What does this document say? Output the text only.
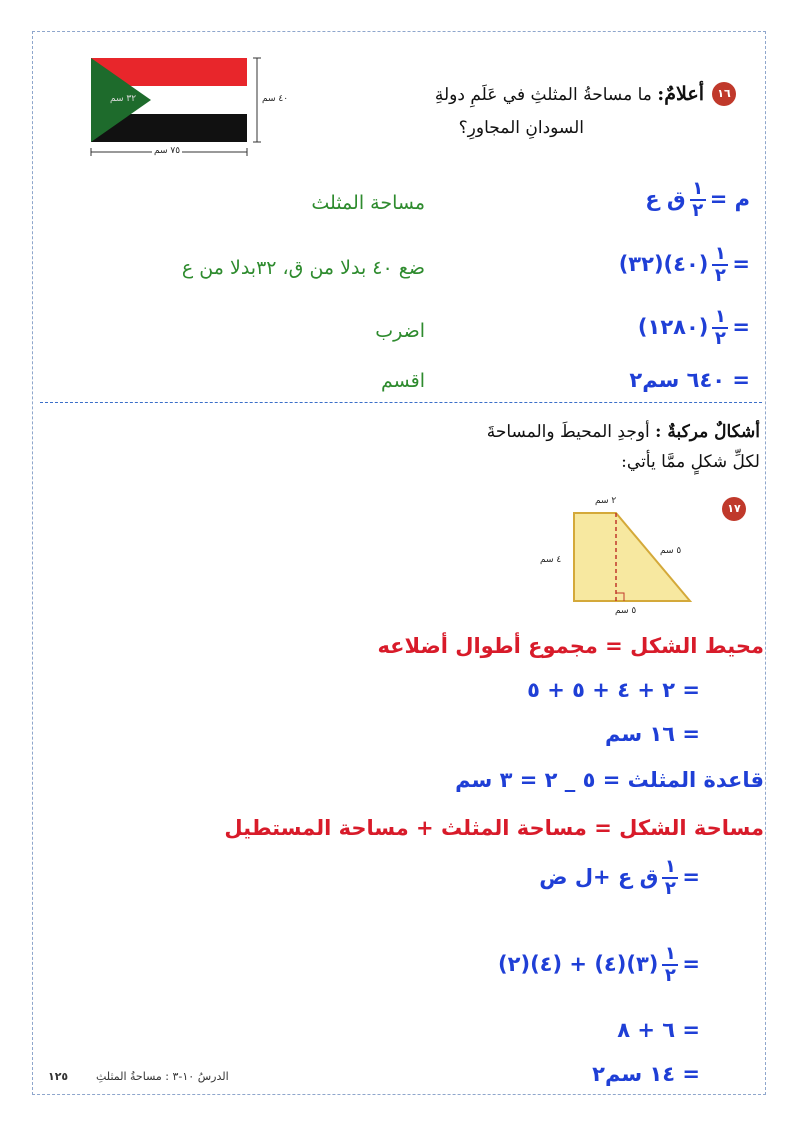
٤٠ سم
٧٥ سم
٣٢ سم	١٦
أعلامٌ: ما مساحةُ المثلثِ في عَلَمِ دولةِ
السودانِ المجاورِ؟
م =
$\frac{١}{٢}$
ق ع
مساحة المثلث
=
$\frac{١}{٢}$
(٤٠)(٣٢)
ضع ٤٠ بدلا من ق، ٣٢بدلا من ع
=
$\frac{١}{٢}$
(١٢٨٠)
اضرب
= ٦٤٠ سم٢
اقسم
أشكالٌ مركبةٌ : أوجدِ المحيطَ والمساحةَ
لكلِّ شكلٍ ممَّا يأتي:
١٧
٢ سم
٤ سم
٥ سم
٥ سم
محيط الشكل = مجموع أطوال أضلاعه
= ٢ + ٤ + ٥ + ٥
= ١٦ سم
قاعدة المثلث = ٥ _ ٢ = ٣ سم
مساحة الشكل = مساحة المثلث + مساحة المستطيل
=
$\frac{١}{٢}$
ق ع +ل ض
=
$\frac{١}{٢}$
(٣)(٤) + (٤)(٢)
= ٦ + ٨
= ١٤ سم٢
الدرسُ ١٠-٣ : مساحةُ المثلثِ
١٢٥
